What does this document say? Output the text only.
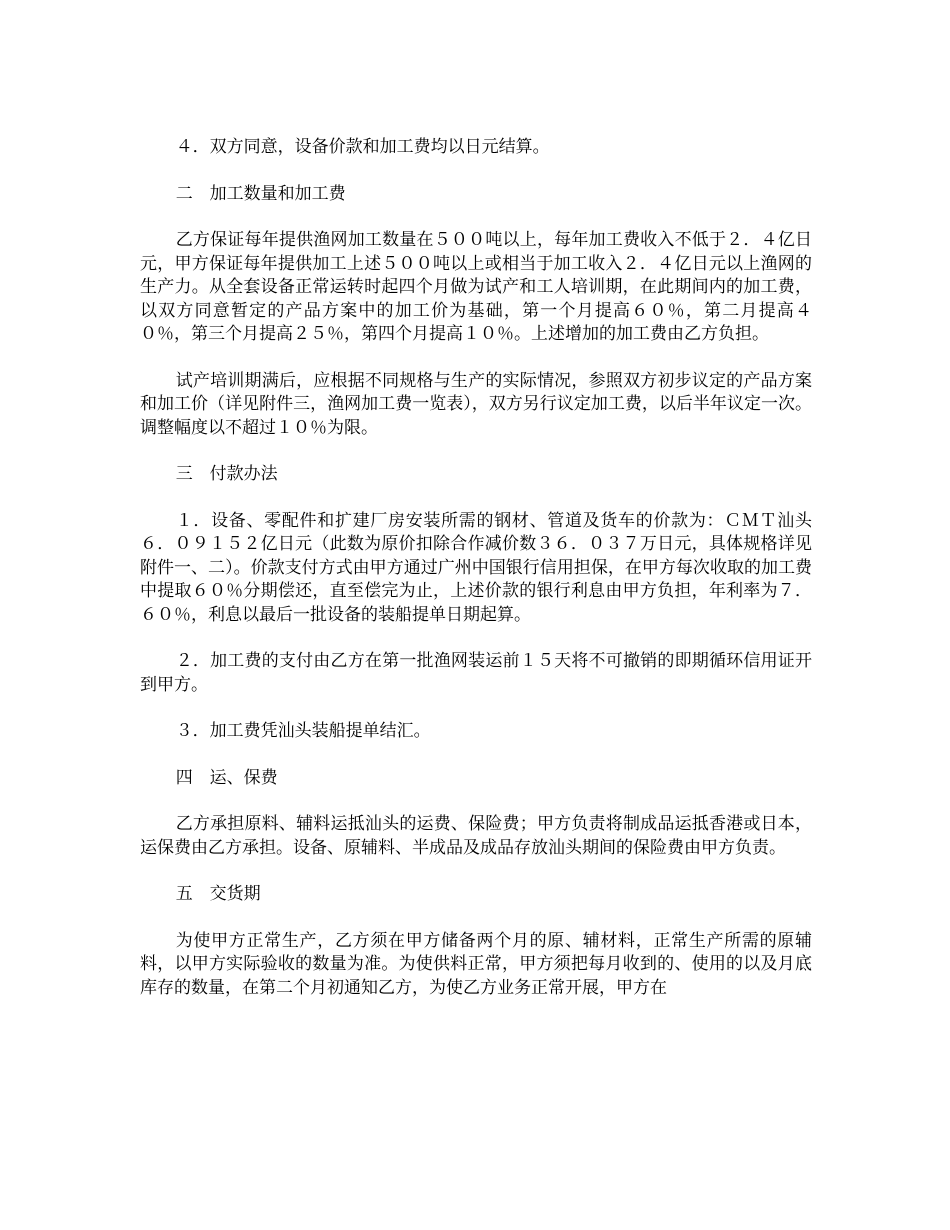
４．双方同意，设备价款和加工费均以日元结算。

二　加工数量和加工费

乙方保证每年提供渔网加工数量在５００吨以上，每年加工费收入不低于２．４亿日元，甲方保证每年提供加工上述５００吨以上或相当于加工收入２．４亿日元以上渔网的生产力。从全套设备正常运转时起四个月做为试产和工人培训期，在此期间内的加工费，以双方同意暂定的产品方案中的加工价为基础，第一个月提高６０％，第二月提高４０％，第三个月提高２５％，第四个月提高１０％。上述增加的加工费由乙方负担。

试产培训期满后，应根据不同规格与生产的实际情况，参照双方初步议定的产品方案和加工价（详见附件三，渔网加工费一览表），双方另行议定加工费，以后半年议定一次。调整幅度以不超过１０％为限。

三　付款办法

１．设备、零配件和扩建厂房安装所需的钢材、管道及货车的价款为：ＣＭＴ汕头６．０９１５２亿日元（此数为原价扣除合作减价数３６．０３７万日元，具体规格详见附件一、二）。价款支付方式由甲方通过广州中国银行信用担保，在甲方每次收取的加工费中提取６０％分期偿还，直至偿完为止，上述价款的银行利息由甲方负担，年利率为７．６０％，利息以最后一批设备的装船提单日期起算。

２．加工费的支付由乙方在第一批渔网装运前１５天将不可撤销的即期循环信用证开到甲方。

３．加工费凭汕头装船提单结汇。

四　运、保费

乙方承担原料、辅料运抵汕头的运费、保险费；甲方负责将制成品运抵香港或日本，运保费由乙方承担。设备、原辅料、半成品及成品存放汕头期间的保险费由甲方负责。

五　交货期

为使甲方正常生产，乙方须在甲方储备两个月的原、辅材料，正常生产所需的原辅料，以甲方实际验收的数量为准。为使供料正常，甲方须把每月收到的、使用的以及月底库存的数量，在第二个月初通知乙方，为使乙方业务正常开展，甲方在
